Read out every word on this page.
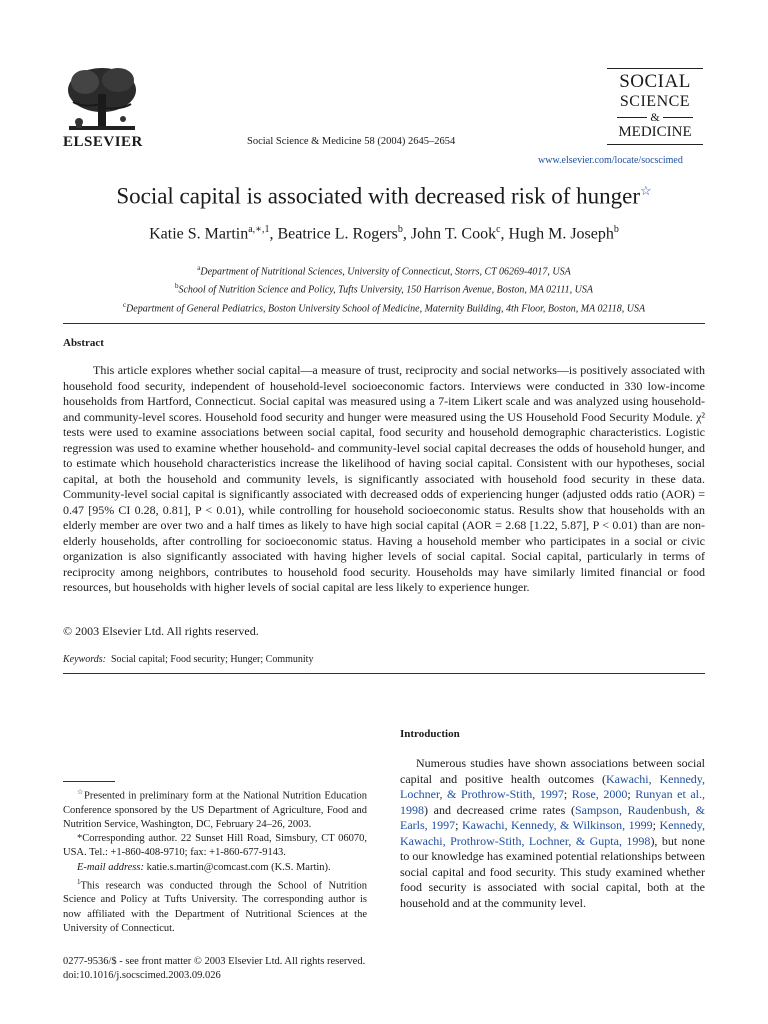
ELSEVIER	Social Science & Medicine 58 (2004) 2645–2654
SOCIAL
SCIENCE
&
MEDICINE
www.elsevier.com/locate/socscimed
Social capital is associated with decreased risk of hunger☆
Katie S. Martin$^{a,∗,1}$, Beatrice L. Rogers$^b$, John T. Cook$^c$, Hugh M. Joseph$^b$
$^a$Department of Nutritional Sciences, University of Connecticut, Storrs, CT 06269-4017, USA
$^b$School of Nutrition Science and Policy, Tufts University, 150 Harrison Avenue, Boston, MA 02111, USA
$^c$Department of General Pediatrics, Boston University School of Medicine, Maternity Building, 4th Floor, Boston, MA 02118, USA
Abstract

This article explores whether social capital—a measure of trust, reciprocity and social networks—is positively associated with household food security, independent of household-level socioeconomic factors. Interviews were conducted in 330 low-income households from Hartford, Connecticut. Social capital was measured using a 7-item Likert scale and was analyzed using household- and community-level scores. Household food security and hunger were measured using the US Household Food Security Module. χ² tests were used to examine associations between social capital, food security and household demographic characteristics. Logistic regression was used to examine whether household- and community-level social capital decreases the odds of household hunger, and to estimate which household characteristics increase the likelihood of having social capital. Consistent with our hypotheses, social capital, at both the household and community levels, is significantly associated with household food security in these data. Community-level social capital is significantly associated with decreased odds of experiencing hunger (adjusted odds ratio (AOR) = 0.47 [95% CI 0.28, 0.81], P < 0.01), while controlling for household socioeconomic status. Results show that households with an elderly member are over two and a half times as likely to have high social capital (AOR = 2.68 [1.22, 5.87], P < 0.01) than are non-elderly households, after controlling for socioeconomic status. Having a household member who participates in a social or civic organization is also significantly associated with having higher levels of social capital. Social capital, particularly in terms of reciprocity among neighbors, contributes to household food security. Households may have similarly limited financial or food resources, but households with higher levels of social capital are less likely to experience hunger.

© 2003 Elsevier Ltd. All rights reserved.
Keywords: Social capital; Food security; Hunger; Community
Introduction

Numerous studies have shown associations between social capital and positive health outcomes (Kawachi, Kennedy, Lochner, & Prothrow-Stith, 1997; Rose, 2000; Runyan et al., 1998) and decreased crime rates (Sampson, Raudenbush, & Earls, 1997; Kawachi, Kennedy, & Wilkinson, 1999; Kennedy, Kawachi, Prothrow-Stith, Lochner, & Gupta, 1998), but none to our knowledge has examined potential relationships between social capital and food security. This study examined whether food security is associated with social capital, both at the household and at the community level.

☆Presented in preliminary form at the National Nutrition Education Conference sponsored by the US Department of Agriculture, Food and Nutrition Service, Washington, DC, February 24–26, 2003.

*Corresponding author. 22 Sunset Hill Road, Simsbury, CT 06070, USA. Tel.: +1-860-408-9710; fax: +1-860-677-9143.

E-mail address: katie.s.martin@comcast.com (K.S. Martin).

$^1$This research was conducted through the School of Nutrition Science and Policy at Tufts University. The corresponding author is now affiliated with the Department of Nutritional Sciences at the University of Connecticut.

0277-9536/$ - see front matter © 2003 Elsevier Ltd. All rights reserved.
doi:10.1016/j.socscimed.2003.09.026
